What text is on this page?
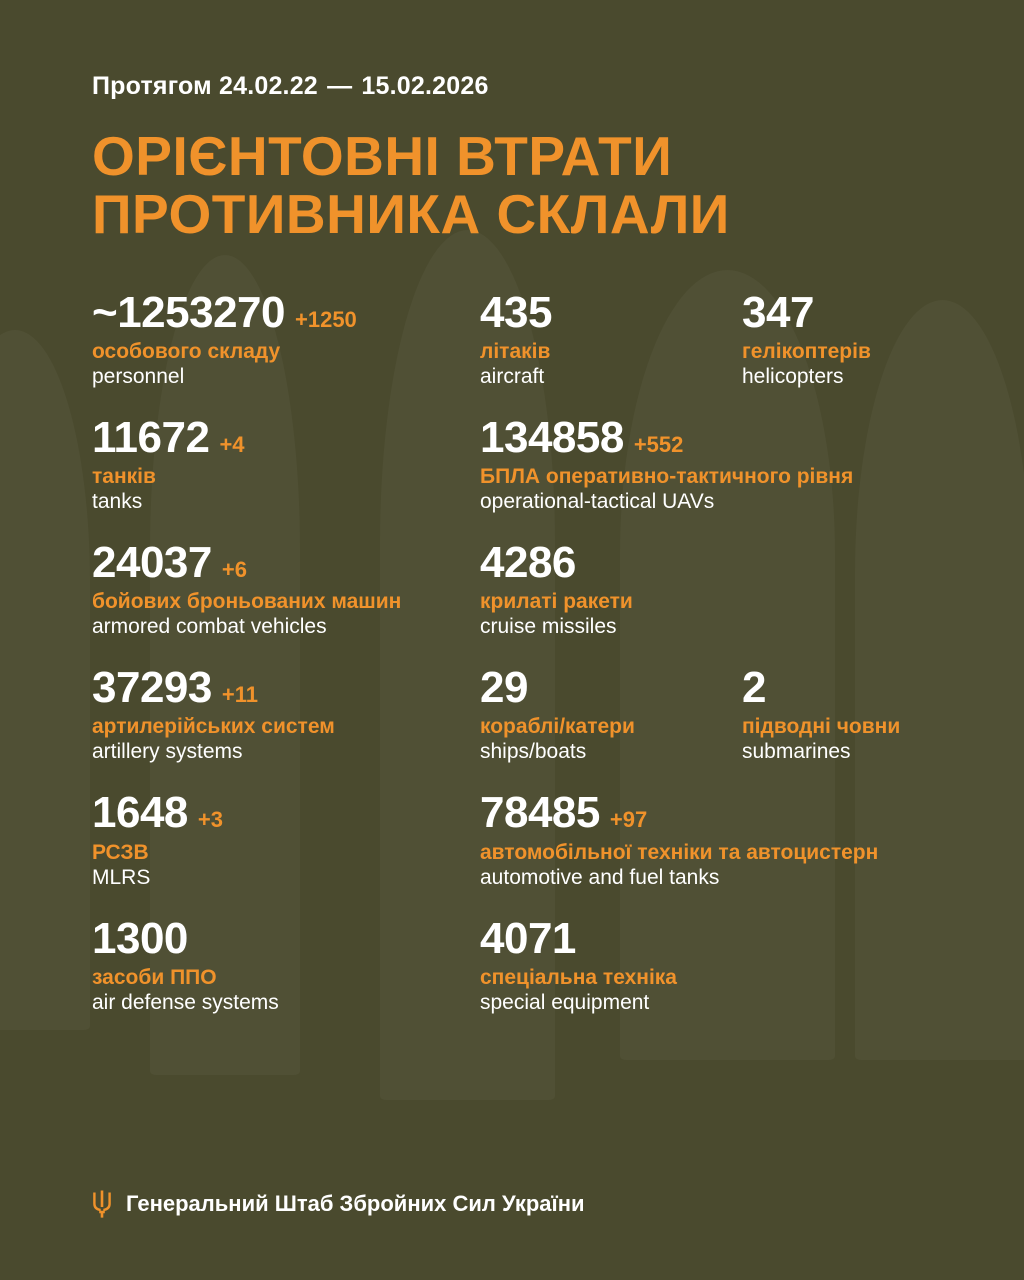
Протягом 24.02.22 — 15.02.2026
ОРІЄНТОВНІ ВТРАТИ
ПРОТИВНИКА СКЛАЛИ
~1253270 +1250
особового складу
personnel
435
літаків
aircraft
347
гелікоптерів
helicopters
11672 +4
танків
tanks
134858 +552
БПЛА оперативно-тактичного рівня
operational-tactical UAVs
24037 +6
бойових броньованих машин
armored combat vehicles
4286
крилаті ракети
cruise missiles
37293 +11
артилерійських систем
artillery systems
29
кораблі/катери
ships/boats
2
підводні човни
submarines
1648 +3
РСЗВ
MLRS
78485 +97
автомобільної техніки та автоцистерн
automotive and fuel tanks
1300
засоби ППО
air defense systems
4071
спеціальна техніка
special equipment
Генеральний Штаб Збройних Сил України
